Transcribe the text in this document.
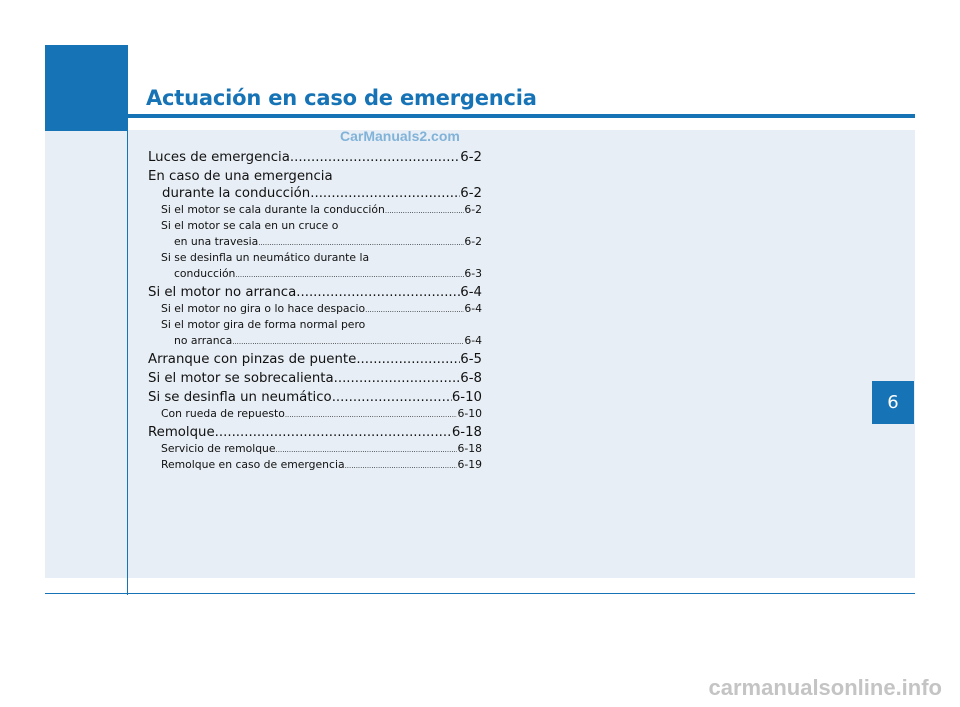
Actuación en caso de emergencia
CarManuals2.com
Luces de emergencia .....	6-2
En caso de una emergencia
durante la conducción .....	6-2
Si el motor se cala durante la conducción .....	6-2
Si el motor se cala en un cruce o
en una travesia .....	6-2
Si se desinfla un neumático durante la
conducción .....	6-3
Si el motor no arranca .....	6-4
Si el motor no gira o lo hace despacio .....	6-4
Si el motor gira de forma normal pero
no arranca .....	6-4
Arranque con pinzas de puente .....	6-5
Si el motor se sobrecalienta .....	6-8
Si se desinfla un neumático .....	6-10
Con rueda de repuesto .....	6-10
Remolque .....	6-18
Servicio de remolque .....	6-18
Remolque en caso de emergencia .....	6-19
6
carmanualsonline.info
